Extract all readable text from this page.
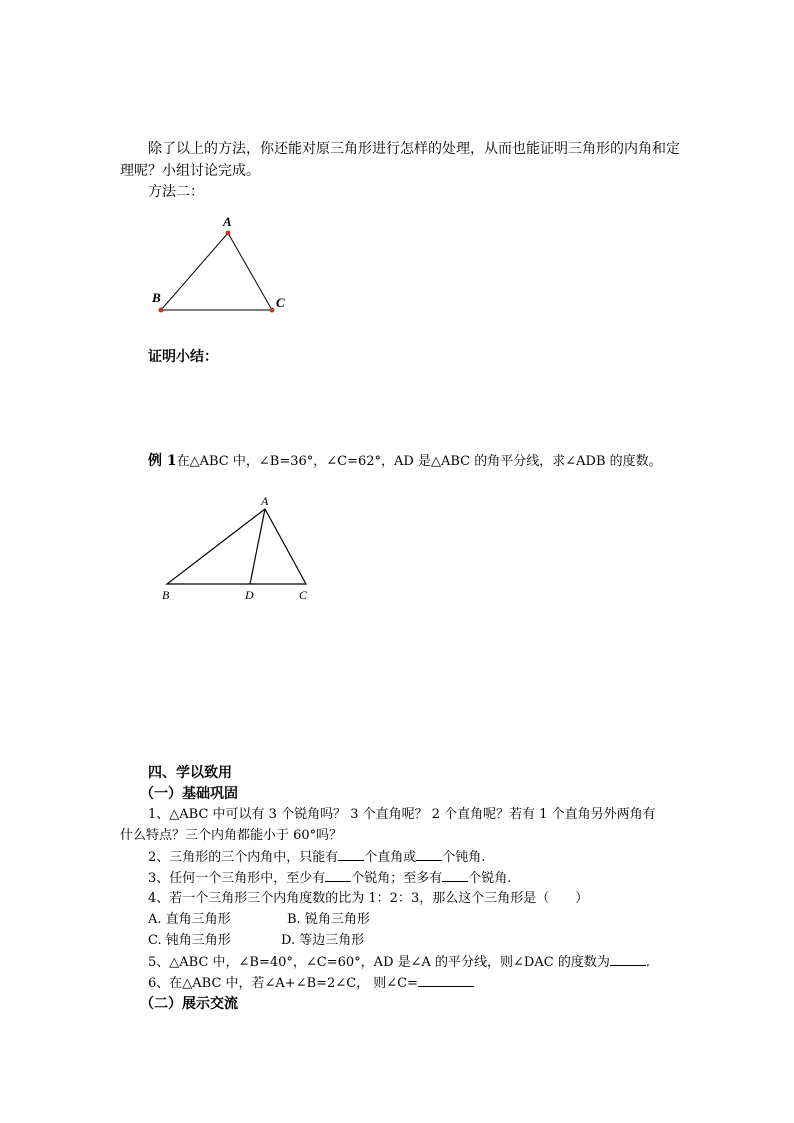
除了以上的方法，你还能对原三角形进行怎样的处理，从而也能证明三角形的内角和定
理呢？小组讨论完成。
方法二：
A
B	C
证明小结：
例 1在△ABC 中，∠B=36°，∠C=62°，AD 是△ABC 的角平分线，求∠ADB 的度数。
A
B	D	C
四、学以致用
（一）基础巩固
1、△ABC 中可以有 3 个锐角吗？ 3 个直角呢？ 2 个直角呢？若有 1 个直角另外两角有
什么特点？三个内角都能小于 60°吗？
2、三角形的三个内角中，只能有 个直角或 个钝角.
3、任何一个三角形中，至少有 个锐角；至多有 个锐角.
4、若一个三角形三个内角度数的比为 1：2：3，那么这个三角形是（　　）
A. 直角三角形	B. 锐角三角形
C. 钝角三角形	D. 等边三角形
5、△ABC 中，∠B=40°，∠C=60°，AD 是∠A 的平分线，则∠DAC 的度数为	.
6、在△ABC 中，若∠A+∠B=2∠C， 则∠C=
（二）展示交流
